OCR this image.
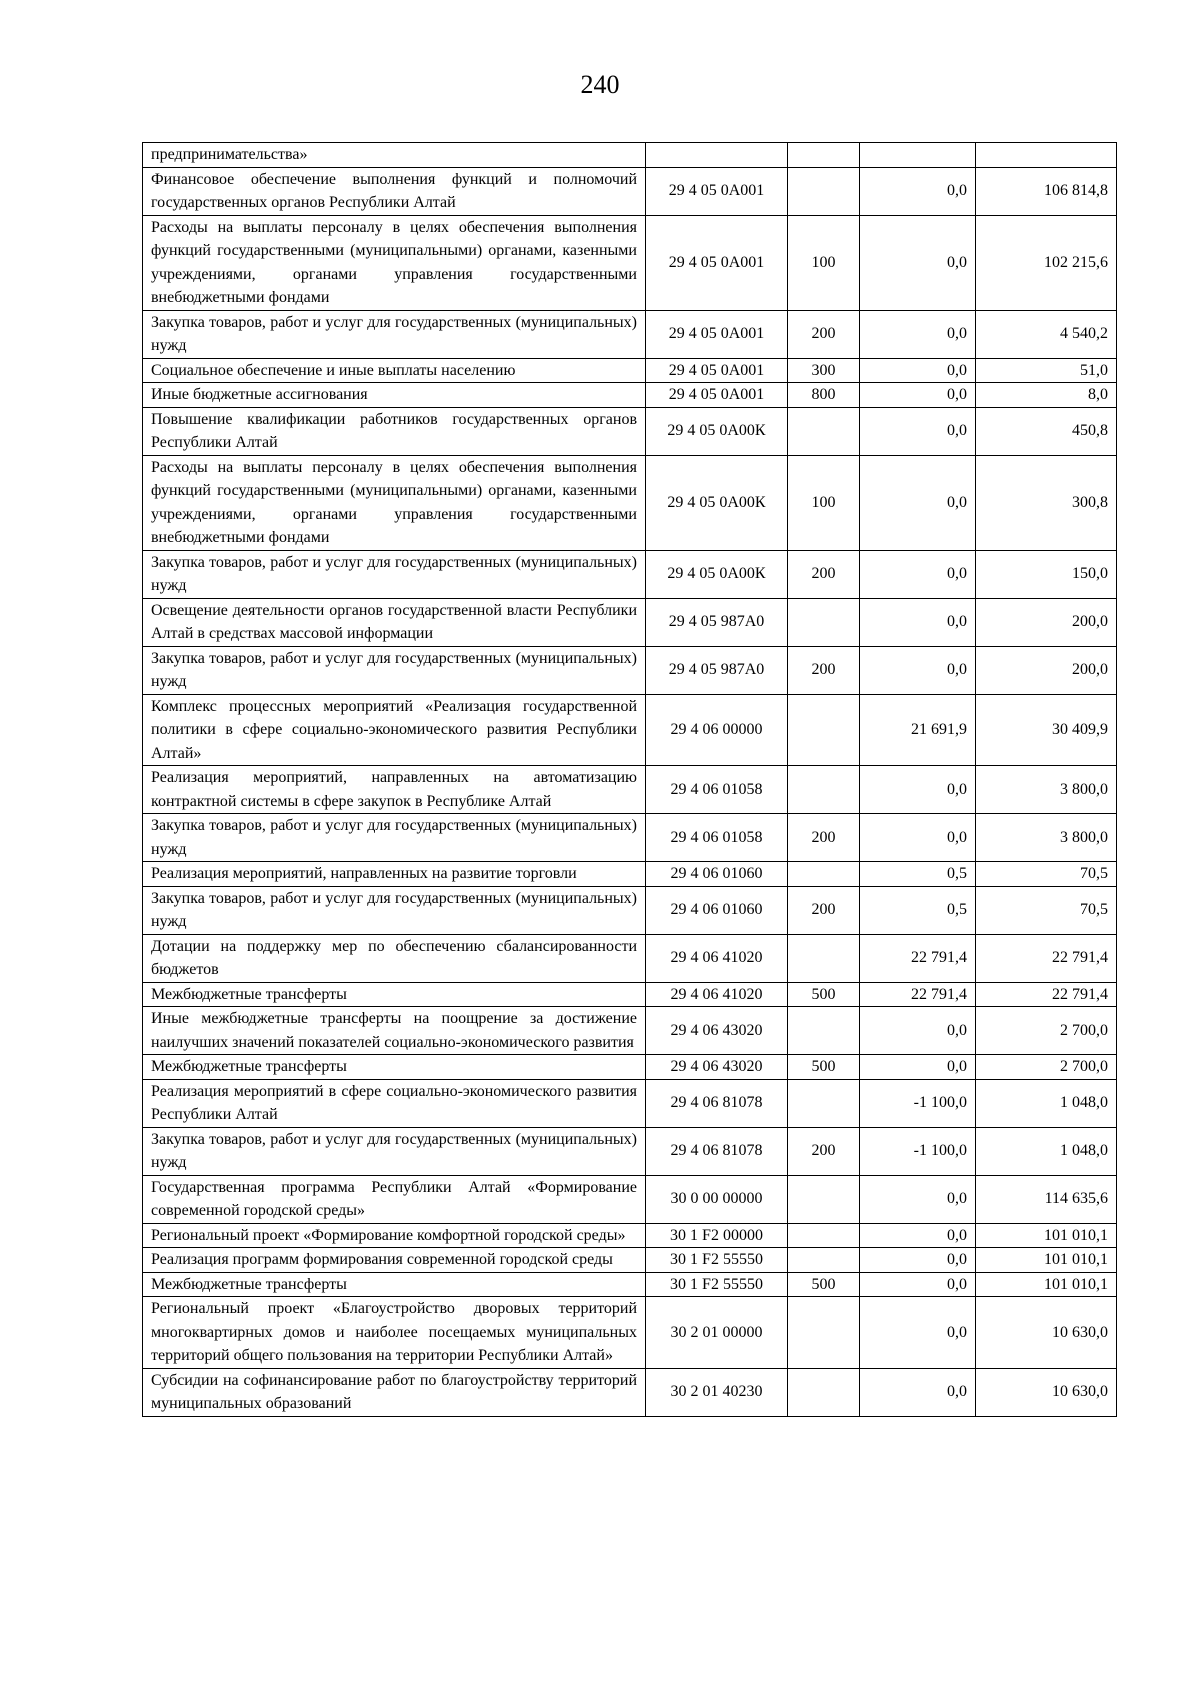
240
предпринимательства»				
Финансовое обеспечение выполнения функций и полномочий государственных органов Республики Алтай	29 4 05 0А001		0,0	106 814,8
Расходы на выплаты персоналу в целях обеспечения выполнения функций государственными (муниципальными) органами, казенными учреждениями, органами управления государственными внебюджетными фондами	29 4 05 0А001	100	0,0	102 215,6
Закупка товаров, работ и услуг для государственных (муниципальных) нужд	29 4 05 0А001	200	0,0	4 540,2
Социальное обеспечение и иные выплаты населению	29 4 05 0А001	300	0,0	51,0
Иные бюджетные ассигнования	29 4 05 0А001	800	0,0	8,0
Повышение квалификации работников государственных органов Республики Алтай	29 4 05 0А00К		0,0	450,8
Расходы на выплаты персоналу в целях обеспечения выполнения функций государственными (муниципальными) органами, казенными учреждениями, органами управления государственными внебюджетными фондами	29 4 05 0А00К	100	0,0	300,8
Закупка товаров, работ и услуг для государственных (муниципальных) нужд	29 4 05 0А00К	200	0,0	150,0
Освещение деятельности органов государственной власти Республики Алтай в средствах массовой информации	29 4 05 987А0		0,0	200,0
Закупка товаров, работ и услуг для государственных (муниципальных) нужд	29 4 05 987А0	200	0,0	200,0
Комплекс процессных мероприятий «Реализация государственной политики в сфере социально-экономического развития Республики Алтай»	29 4 06 00000		21 691,9	30 409,9
Реализация мероприятий, направленных на автоматизацию контрактной системы в сфере закупок в Республике Алтай	29 4 06 01058		0,0	3 800,0
Закупка товаров, работ и услуг для государственных (муниципальных) нужд	29 4 06 01058	200	0,0	3 800,0
Реализация мероприятий, направленных на развитие торговли	29 4 06 01060		0,5	70,5
Закупка товаров, работ и услуг для государственных (муниципальных) нужд	29 4 06 01060	200	0,5	70,5
Дотации на поддержку мер по обеспечению сбалансированности бюджетов	29 4 06 41020		22 791,4	22 791,4
Межбюджетные трансферты	29 4 06 41020	500	22 791,4	22 791,4
Иные межбюджетные трансферты на поощрение за достижение наилучших значений показателей социально-экономического развития	29 4 06 43020		0,0	2 700,0
Межбюджетные трансферты	29 4 06 43020	500	0,0	2 700,0
Реализация мероприятий в сфере социально-экономического развития Республики Алтай	29 4 06 81078		-1 100,0	1 048,0
Закупка товаров, работ и услуг для государственных (муниципальных) нужд	29 4 06 81078	200	-1 100,0	1 048,0
Государственная программа Республики Алтай «Формирование современной городской среды»	30 0 00 00000		0,0	114 635,6
Региональный проект «Формирование комфортной городской среды»	30 1 F2 00000		0,0	101 010,1
Реализация программ формирования современной городской среды	30 1 F2 55550		0,0	101 010,1
Межбюджетные трансферты	30 1 F2 55550	500	0,0	101 010,1
Региональный проект «Благоустройство дворовых территорий многоквартирных домов и наиболее посещаемых муниципальных территорий общего пользования на территории Республики Алтай»	30 2 01 00000		0,0	10 630,0
Субсидии на софинансирование работ по благоустройству территорий муниципальных образований	30 2 01 40230		0,0	10 630,0
